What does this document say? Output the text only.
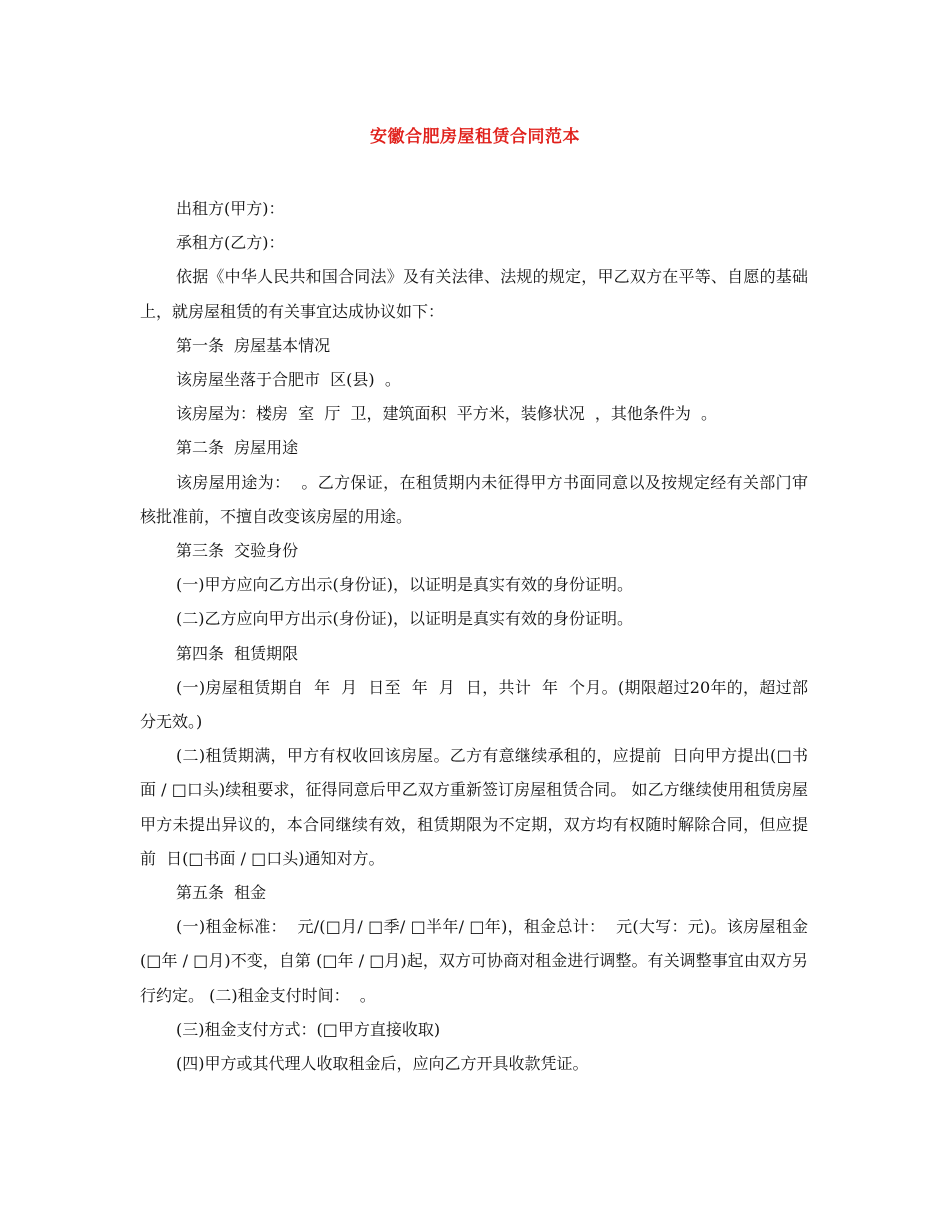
安徽合肥房屋租赁合同范本

出租方(甲方)：

承租方(乙方)：

依据《中华人民共和国合同法》及有关法律、法规的规定，甲乙双方在平等、自愿的基础上，就房屋租赁的有关事宜达成协议如下：

第一条  房屋基本情况

该房屋坐落于合肥市  区(县)  。

该房屋为：楼房  室  厅  卫，建筑面积  平方米，装修状况  ，其他条件为  。

第二条  房屋用途

该房屋用途为：  。乙方保证，在租赁期内未征得甲方书面同意以及按规定经有关部门审核批准前，不擅自改变该房屋的用途。

第三条  交验身份

(一)甲方应向乙方出示(身份证)，以证明是真实有效的身份证明。

(二)乙方应向甲方出示(身份证)，以证明是真实有效的身份证明。

第四条  租赁期限

(一)房屋租赁期自  年  月  日至  年  月  日，共计  年  个月。(期限超过20年的，超过部分无效。)

(二)租赁期满，甲方有权收回该房屋。乙方有意继续承租的，应提前  日向甲方提出(□书面 / □口头)续租要求，征得同意后甲乙双方重新签订房屋租赁合同。 如乙方继续使用租赁房屋甲方未提出异议的，本合同继续有效，租赁期限为不定期，双方均有权随时解除合同，但应提前  日(□书面 / □口头)通知对方。

第五条  租金

(一)租金标准：  元/(□月/ □季/ □半年/ □年)，租金总计：  元(大写：元)。该房屋租金 (□年 / □月)不变，自第 (□年 / □月)起，双方可协商对租金进行调整。有关调整事宜由双方另行约定。 (二)租金支付时间：  。

(三)租金支付方式：(□甲方直接收取)

(四)甲方或其代理人收取租金后，应向乙方开具收款凭证。
